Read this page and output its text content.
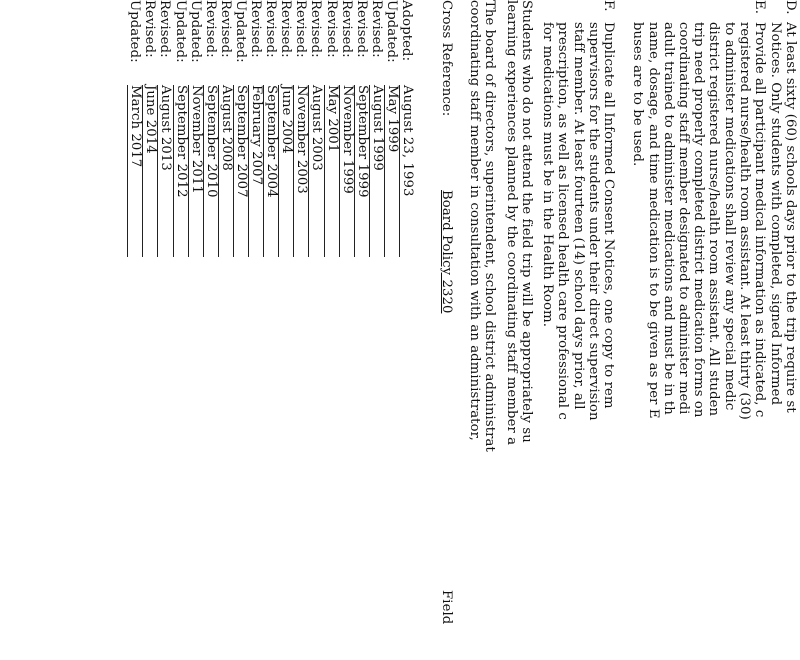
D.
At least sixty (60) schools days prior to the trip require st
Notices. Only students with completed, signed Informed
E.
Provide all participant medical information as indicated, c
registered nurse/health room assistant. At least thirty (30)
to administer medications shall review any special medic
district registered nurse/health room assistant. All studen
trip need properly completed district medication forms on
coordinating staff member designated to administer medi
adult trained to administer medications and must be in th
name, dosage, and time medication is to be given as per E
buses are to be used.
F.
Duplicate all Informed Consent Notices, one copy to rem
supervisors for the students under their direct supervision
staff member. At least fourteen (14) school days prior, all
prescription, as well as licensed health care professional c
for medications must be in the Health Room.
Students who do not attend the field trip will be appropriately su
learning experiences planned by the coordinating staff member a
The board of directors, superintendent, school district administrat
coordinating staff member in consultation with an administrator,
Cross Reference:
Board Policy 2320
Field
Adopted:
August 23, 1993
Updated:
May 1999
Revised:
August 1999
Revised:
September 1999
Revised:
November 1999
Revised:
May 2001
Revised:
August 2003
Revised:
November 2003
Revised:
June 2004
Revised:
September 2004
Revised:
February 2007
Updated:
September 2007
Revised:
August 2008
Revised:
September 2010
Updated:
November 2011
Updated:
September 2012
Revised:
August 2013
Revised:
June 2014
Updated:
March 2017
